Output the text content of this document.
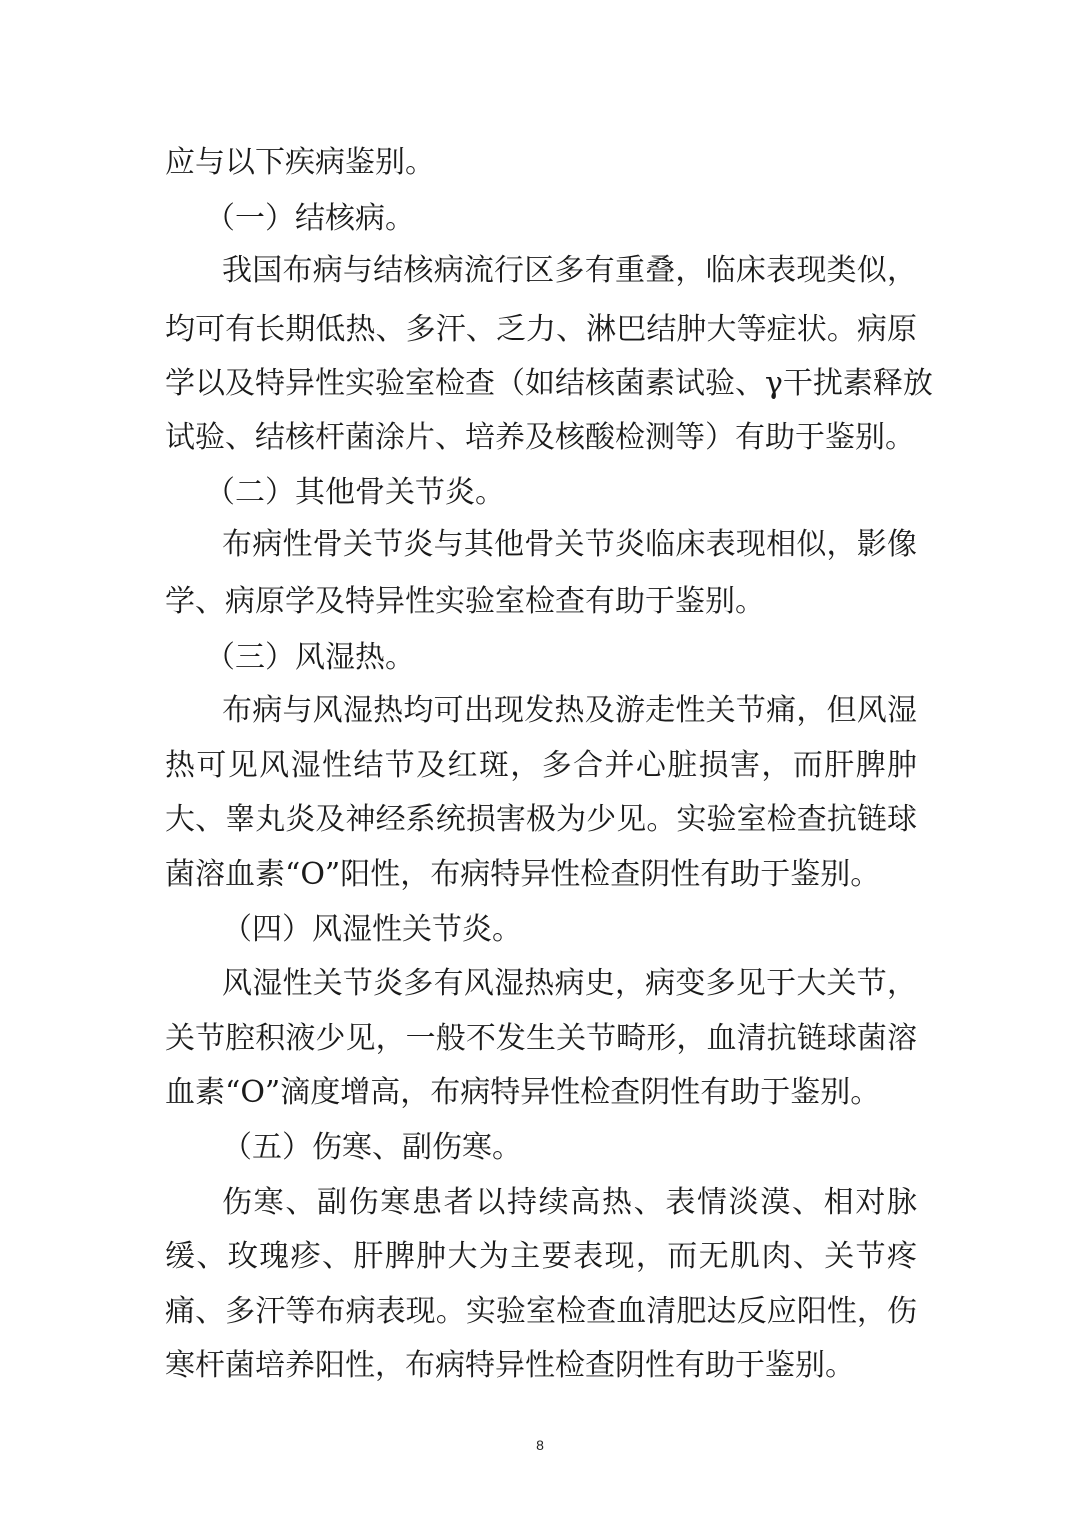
应与以下疾病鉴别。
（一）结核病。
我国布病与结核病流行区多有重叠，临床表现类似，
均可有长期低热、多汗、乏力、淋巴结肿大等症状。病原
学以及特异性实验室检查（如结核菌素试验、γ干扰素释放
试验、结核杆菌涂片、培养及核酸检测等）有助于鉴别。
（二）其他骨关节炎。
布病性骨关节炎与其他骨关节炎临床表现相似，影像
学、病原学及特异性实验室检查有助于鉴别。
（三）风湿热。
布病与风湿热均可出现发热及游走性关节痛，但风湿
热可见风湿性结节及红斑，多合并心脏损害，而肝脾肿
大、睾丸炎及神经系统损害极为少见。实验室检查抗链球
菌溶血素“O”阳性，布病特异性检查阴性有助于鉴别。
（四）风湿性关节炎。
风湿性关节炎多有风湿热病史，病变多见于大关节，
关节腔积液少见，一般不发生关节畸形，血清抗链球菌溶
血素“O”滴度增高，布病特异性检查阴性有助于鉴别。
（五）伤寒、副伤寒。
伤寒、副伤寒患者以持续高热、表情淡漠、相对脉
缓、玫瑰疹、肝脾肿大为主要表现，而无肌肉、关节疼
痛、多汗等布病表现。实验室检查血清肥达反应阳性，伤
寒杆菌培养阳性，布病特异性检查阴性有助于鉴别。
8
